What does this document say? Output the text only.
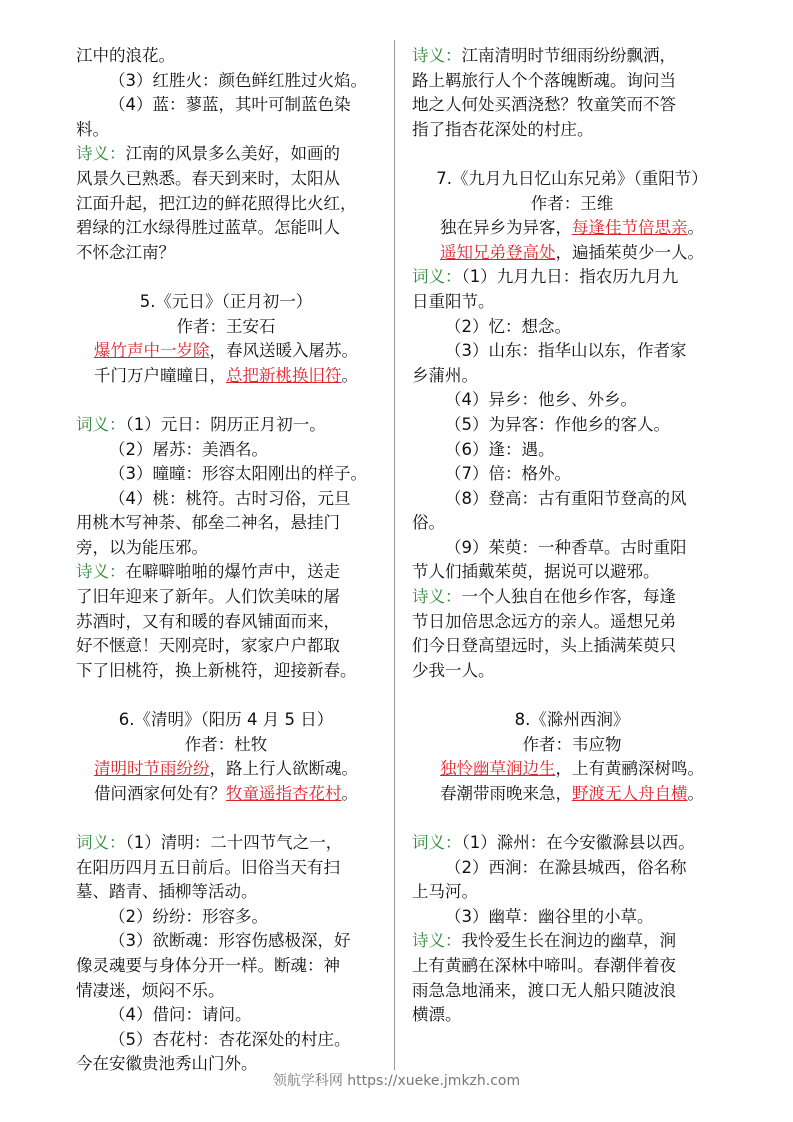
江中的浪花。
（3）红胜火：颜色鲜红胜过火焰。
（4）蓝：蓼蓝，其叶可制蓝色染
料。
诗义：江南的风景多么美好，如画的
风景久已熟悉。春天到来时，太阳从
江面升起，把江边的鲜花照得比火红，
碧绿的江水绿得胜过蓝草。怎能叫人
不怀念江南？
5.《元日》（正月初一）
作者：王安石
爆竹声中一岁除，春风送暖入屠苏。
千门万户曈曈日，总把新桃换旧符。
词义：（1）元日：阴历正月初一。
（2）屠苏：美酒名。
（3）曈曈：形容太阳刚出的样子。
（4）桃：桃符。古时习俗，元旦
用桃木写神荼、郁垒二神名，悬挂门
旁，以为能压邪。
诗义：在噼噼啪啪的爆竹声中，送走
了旧年迎来了新年。人们饮美味的屠
苏酒时，又有和暖的春风铺面而来，
好不惬意！天刚亮时，家家户户都取
下了旧桃符，换上新桃符，迎接新春。
6.《清明》（阳历 4 月 5 日）
作者：杜牧
清明时节雨纷纷，路上行人欲断魂。
借问酒家何处有？牧童遥指杏花村。
词义：（1）清明：二十四节气之一，
在阳历四月五日前后。旧俗当天有扫
墓、踏青、插柳等活动。
（2）纷纷：形容多。
（3）欲断魂：形容伤感极深，好
像灵魂要与身体分开一样。断魂：神
情凄迷，烦闷不乐。
（4）借问：请问。
（5）杏花村：杏花深处的村庄。
今在安徽贵池秀山门外。
诗义：江南清明时节细雨纷纷飘洒，
路上羁旅行人个个落魄断魂。询问当
地之人何处买酒浇愁？牧童笑而不答
指了指杏花深处的村庄。
7.《九月九日忆山东兄弟》（重阳节）
作者：王维
独在异乡为异客，每逢佳节倍思亲。
遥知兄弟登高处，遍插茱萸少一人。
词义：（1）九月九日：指农历九月九
日重阳节。
（2）忆：想念。
（3）山东：指华山以东，作者家
乡蒲州。
（4）异乡：他乡、外乡。
（5）为异客：作他乡的客人。
（6）逢：遇。
（7）倍：格外。
（8）登高：古有重阳节登高的风
俗。
（9）茱萸：一种香草。古时重阳
节人们插戴茱萸，据说可以避邪。
诗义：一个人独自在他乡作客，每逢
节日加倍思念远方的亲人。遥想兄弟
们今日登高望远时，头上插满茱萸只
少我一人。
8.《滁州西涧》
作者：韦应物
独怜幽草涧边生，上有黄鹂深树鸣。
春潮带雨晚来急，野渡无人舟自横。
词义：（1）滁州：在今安徽滁县以西。
（2）西涧：在滁县城西，俗名称
上马河。
（3）幽草：幽谷里的小草。
诗义：我怜爱生长在涧边的幽草，涧
上有黄鹂在深林中啼叫。春潮伴着夜
雨急急地涌来，渡口无人船只随波浪
横漂。
领航学科网 https://xueke.jmkzh.com
